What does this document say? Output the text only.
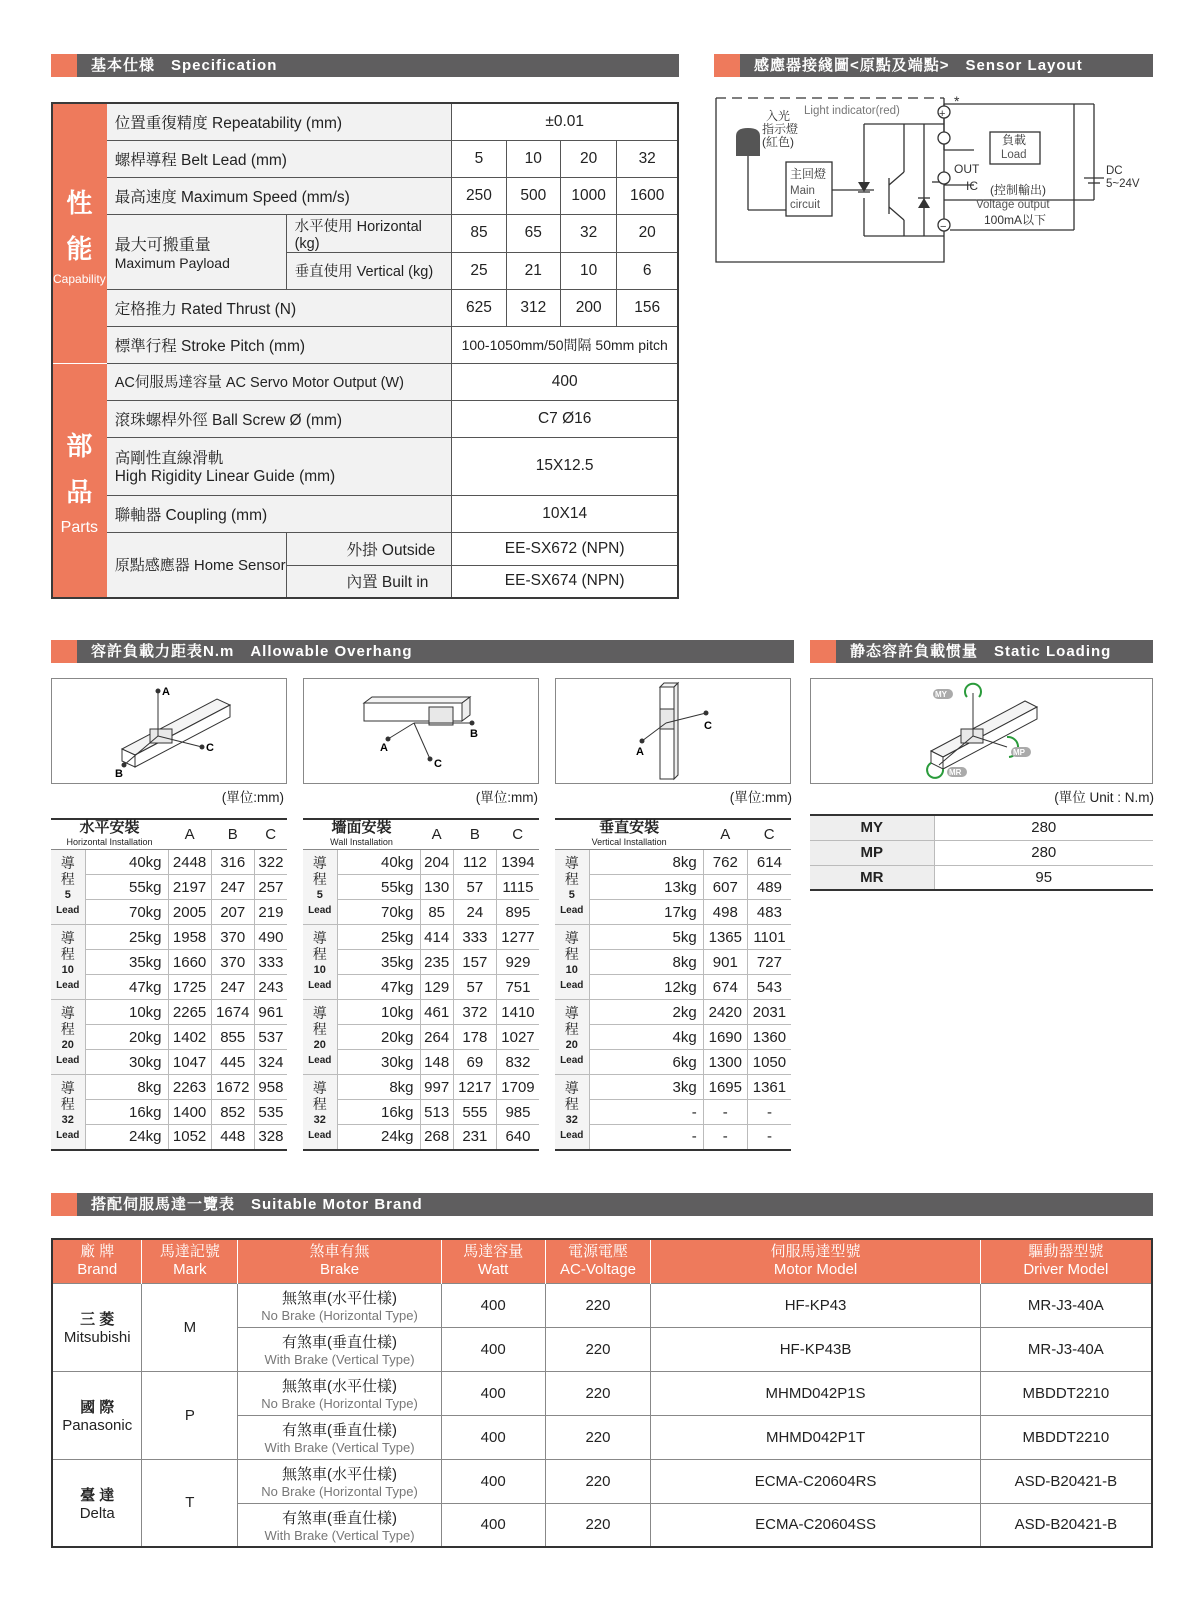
基本仕様　Specification	感應器接綫圖<原點及端點>　Sensor Layout
容許負載力距表N.m　Allowable Overhang	静态容許負載惯量　Static Loading
搭配伺服馬達一覽表　Suitable Motor Brand
性
能
Capability	位置重復精度 Repeatability (mm)		±0.01			
	螺桿導程 Belt Lead (mm)		5	10	20	32
	最高速度 Maximum Speed (mm/s)		250	500	1000	1600

	最大可搬重量
Maximum Payload	水平使用 Horizontal (kg)	85	65	32	20
		垂直使用 Vertical (kg)	25	21	10	6
	定格推力 Rated Thrust (N)		625	312	200	156
	標準行程 Stroke Pitch (mm)		100-1050mm/50間隔 50mm pitch			

部
品
Parts	AC伺服馬達容量 AC Servo Motor Output (W)		400			
	滾珠螺桿外徑 Ball Screw Ø (mm)		C7 Ø16			

	高剛性直線滑軌
High Rigidity Linear Guide (mm)		15X12.5			
	聯軸器 Coupling (mm)		10X14			
	原點感應器 Home Sensor	外掛 Outside	EE-SX672 (NPN)			
		內置 Built in	EE-SX674 (NPN)			
入光
指示燈
(紅色)
Light indicator(red)
主回燈
Main
circuit
OUT
IC (控制輸出)
Voltage output
100mA以下
負載
Load
DC
5~24V
*
+
−
A
C
B
B
A
C
C
A
MY
MP
MR
(單位:mm)	(單位:mm)	(單位:mm)	(單位 Unit : N.m)
水平安裝
Horizontal Installation		A	B	C

導
程
5
Lead	40kg	2448	316	322
	55kg	2197	247	257
	70kg	2005	207	219

導
程
10
Lead	25kg	1958	370	490
	35kg	1660	370	333
	47kg	1725	247	243

導
程
20
Lead	10kg	2265	1674	961
	20kg	1402	855	537
	30kg	1047	445	324

導
程
32
Lead	8kg	2263	1672	958
	16kg	1400	852	535
	24kg	1052	448	328
墻面安裝
Wall Installation		A	B	C

導
程
5
Lead	40kg	204	112	1394
	55kg	130	57	1115
	70kg	85	24	895

導
程
10
Lead	25kg	414	333	1277
	35kg	235	157	929
	47kg	129	57	751

導
程
20
Lead	10kg	461	372	1410
	20kg	264	178	1027
	30kg	148	69	832

導
程
32
Lead	8kg	997	1217	1709
	16kg	513	555	985
	24kg	268	231	640
垂直安裝
Vertical Installation		A	C

導
程
5
Lead	8kg	762	614
	13kg	607	489
	17kg	498	483

導
程
10
Lead	5kg	1365	1101
	8kg	901	727
	12kg	674	543

導
程
20
Lead	2kg	2420	2031
	4kg	1690	1360
	6kg	1300	1050

導
程
32
Lead	3kg	1695	1361
	-	-	-
	-	-	-
MY	280
MP	280
MR	95
廠 牌
Brand	馬達記號
Mark	煞車有無
Brake	馬達容量
Watt	電源電壓
AC-Voltage	伺服馬達型號
Motor Model	驅動器型號
Driver Model

三 菱
Mitsubishi	M	無煞車(水平仕樣)
No Brake (Horizontal Type)	400	220	HF-KP43	MR-J3-40A

		有煞車(垂直仕樣)
With Brake (Vertical Type)	400	220	HF-KP43B	MR-J3-40A

國 際
Panasonic	P	無煞車(水平仕樣)
No Brake (Horizontal Type)	400	220	MHMD042P1S	MBDDT2210

		有煞車(垂直仕樣)
With Brake (Vertical Type)	400	220	MHMD042P1T	MBDDT2210

臺 達
Delta	T	無煞車(水平仕樣)
No Brake (Horizontal Type)	400	220	ECMA-C20604RS	ASD-B20421-B

		有煞車(垂直仕樣)
With Brake (Vertical Type)	400	220	ECMA-C20604SS	ASD-B20421-B
